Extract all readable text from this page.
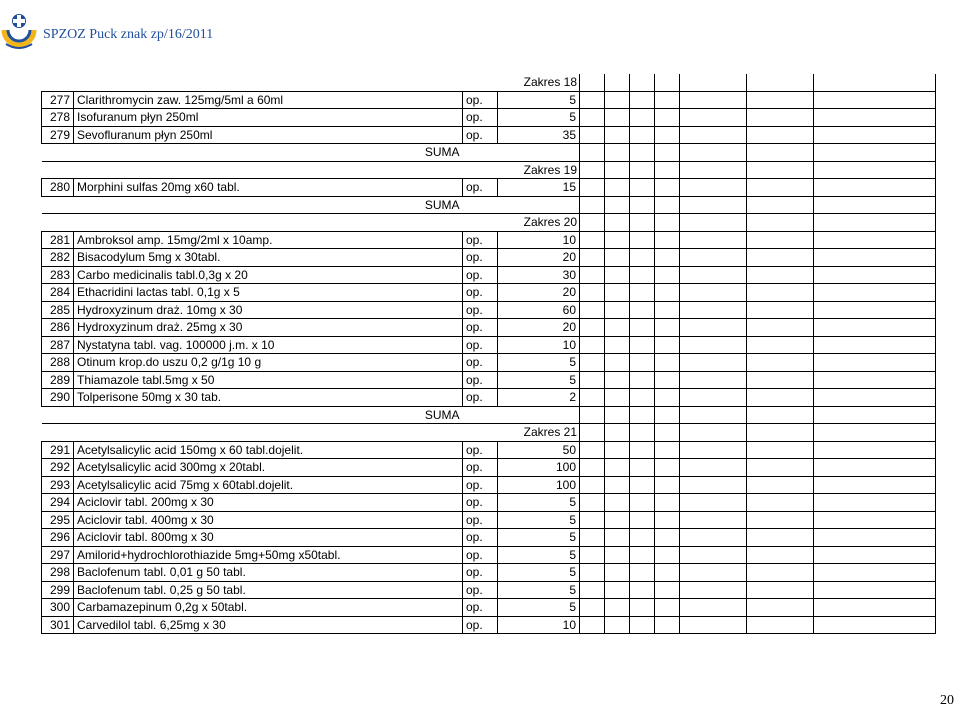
SPZOZ Puck znak zp/16/2011
		Zakres 18								
277	Clarithromycin zaw. 125mg/5ml a 60ml	op.	5							
278	Isofuranum płyn 250ml	op.	5							
279	Sevofluranum płyn 250ml	op.	35							
	SUMA									
		Zakres 19								
280	Morphini sulfas 20mg x60 tabl.	op.	15							
	SUMA									
		Zakres 20								
281	Ambroksol amp. 15mg/2ml x 10amp.	op.	10							
282	Bisacodylum 5mg x 30tabl.	op.	20							
283	Carbo medicinalis tabl.0,3g x 20	op.	30							
284	Ethacridini lactas tabl. 0,1g x 5	op.	20							
285	Hydroxyzinum draż. 10mg x 30	op.	60							
286	Hydroxyzinum draż. 25mg x 30	op.	20							
287	Nystatyna tabl. vag. 100000 j.m. x 10	op.	10							
288	Otinum krop.do uszu 0,2 g/1g 10 g	op.	5							
289	Thiamazole tabl.5mg x 50	op.	5							
290	Tolperisone 50mg x 30 tab.	op.	2							
	SUMA									
		Zakres 21								
291	Acetylsalicylic acid 150mg x 60 tabl.dojelit.	op.	50							
292	Acetylsalicylic acid 300mg x 20tabl.	op.	100							
293	Acetylsalicylic acid 75mg x 60tabl.dojelit.	op.	100							
294	Aciclovir tabl. 200mg x 30	op.	5							
295	Aciclovir tabl. 400mg x 30	op.	5							
296	Aciclovir tabl. 800mg x 30	op.	5							
297	Amilorid+hydrochlorothiazide 5mg+50mg x50tabl.	op.	5							
298	Baclofenum tabl. 0,01 g 50 tabl.	op.	5							
299	Baclofenum tabl. 0,25 g 50 tabl.	op.	5							
300	Carbamazepinum 0,2g x 50tabl.	op.	5							
301	Carvedilol tabl. 6,25mg x 30	op.	10							
20
